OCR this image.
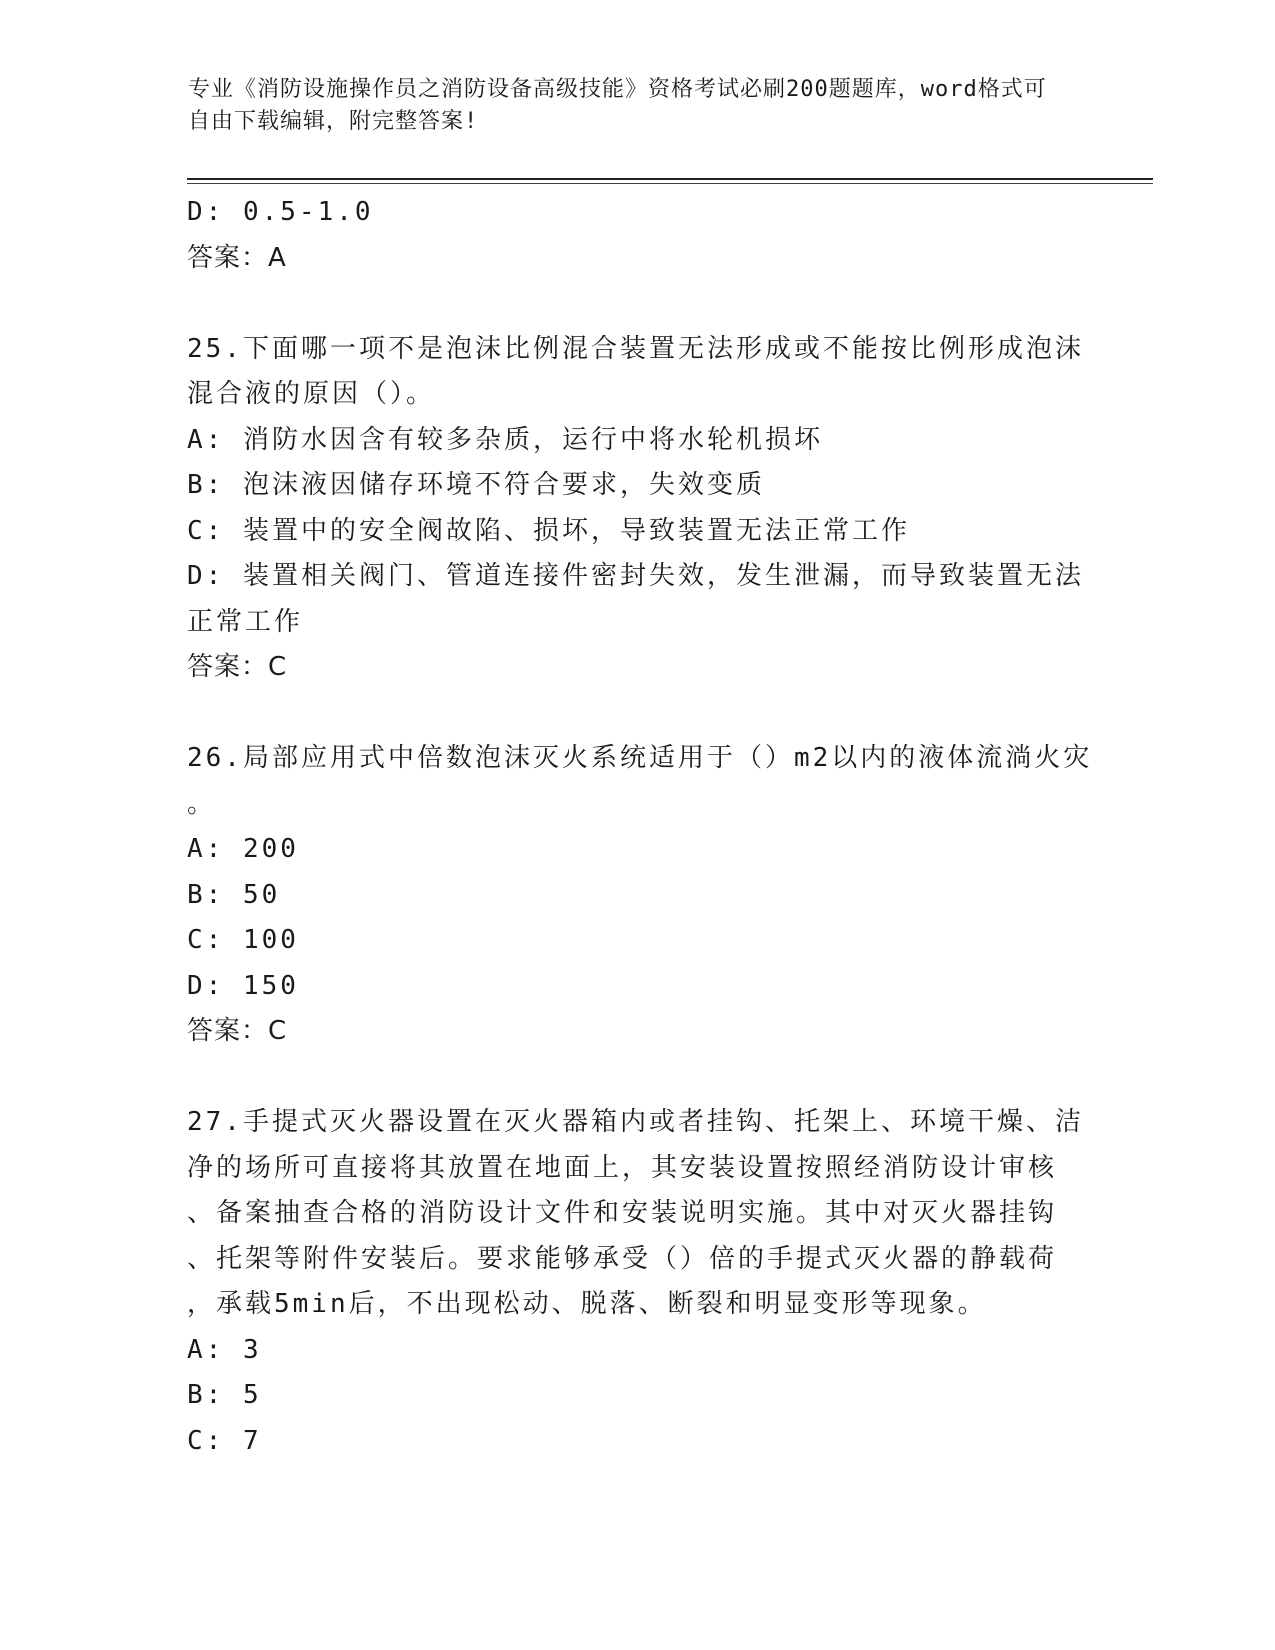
专业《消防设施操作员之消防设备高级技能》资格考试必刷200题题库，word格式可自由下载编辑，附完整答案!
D: 0.5-1.0
答案：A
25.下面哪一项不是泡沫比例混合装置无法形成或不能按比例形成泡沫
混合液的原因（）。
A: 消防水因含有较多杂质，运行中将水轮机损坏
B: 泡沫液因储存环境不符合要求，失效变质
C: 装置中的安全阀故陷、损坏，导致装置无法正常工作
D: 装置相关阀门、管道连接件密封失效，发生泄漏，而导致装置无法
正常工作
答案：C
26.局部应用式中倍数泡沫灭火系统适用于（）m2以内的液体流淌火灾
。
A: 200
B: 50
C: 100
D: 150
答案：C
27.手提式灭火器设置在灭火器箱内或者挂钩、托架上、环境干燥、洁
净的场所可直接将其放置在地面上，其安装设置按照经消防设计审核
、备案抽查合格的消防设计文件和安装说明实施。其中对灭火器挂钩
、托架等附件安装后。要求能够承受（）倍的手提式灭火器的静载荷
，承载5min后，不出现松动、脱落、断裂和明显变形等现象。
A: 3
B: 5
C: 7
